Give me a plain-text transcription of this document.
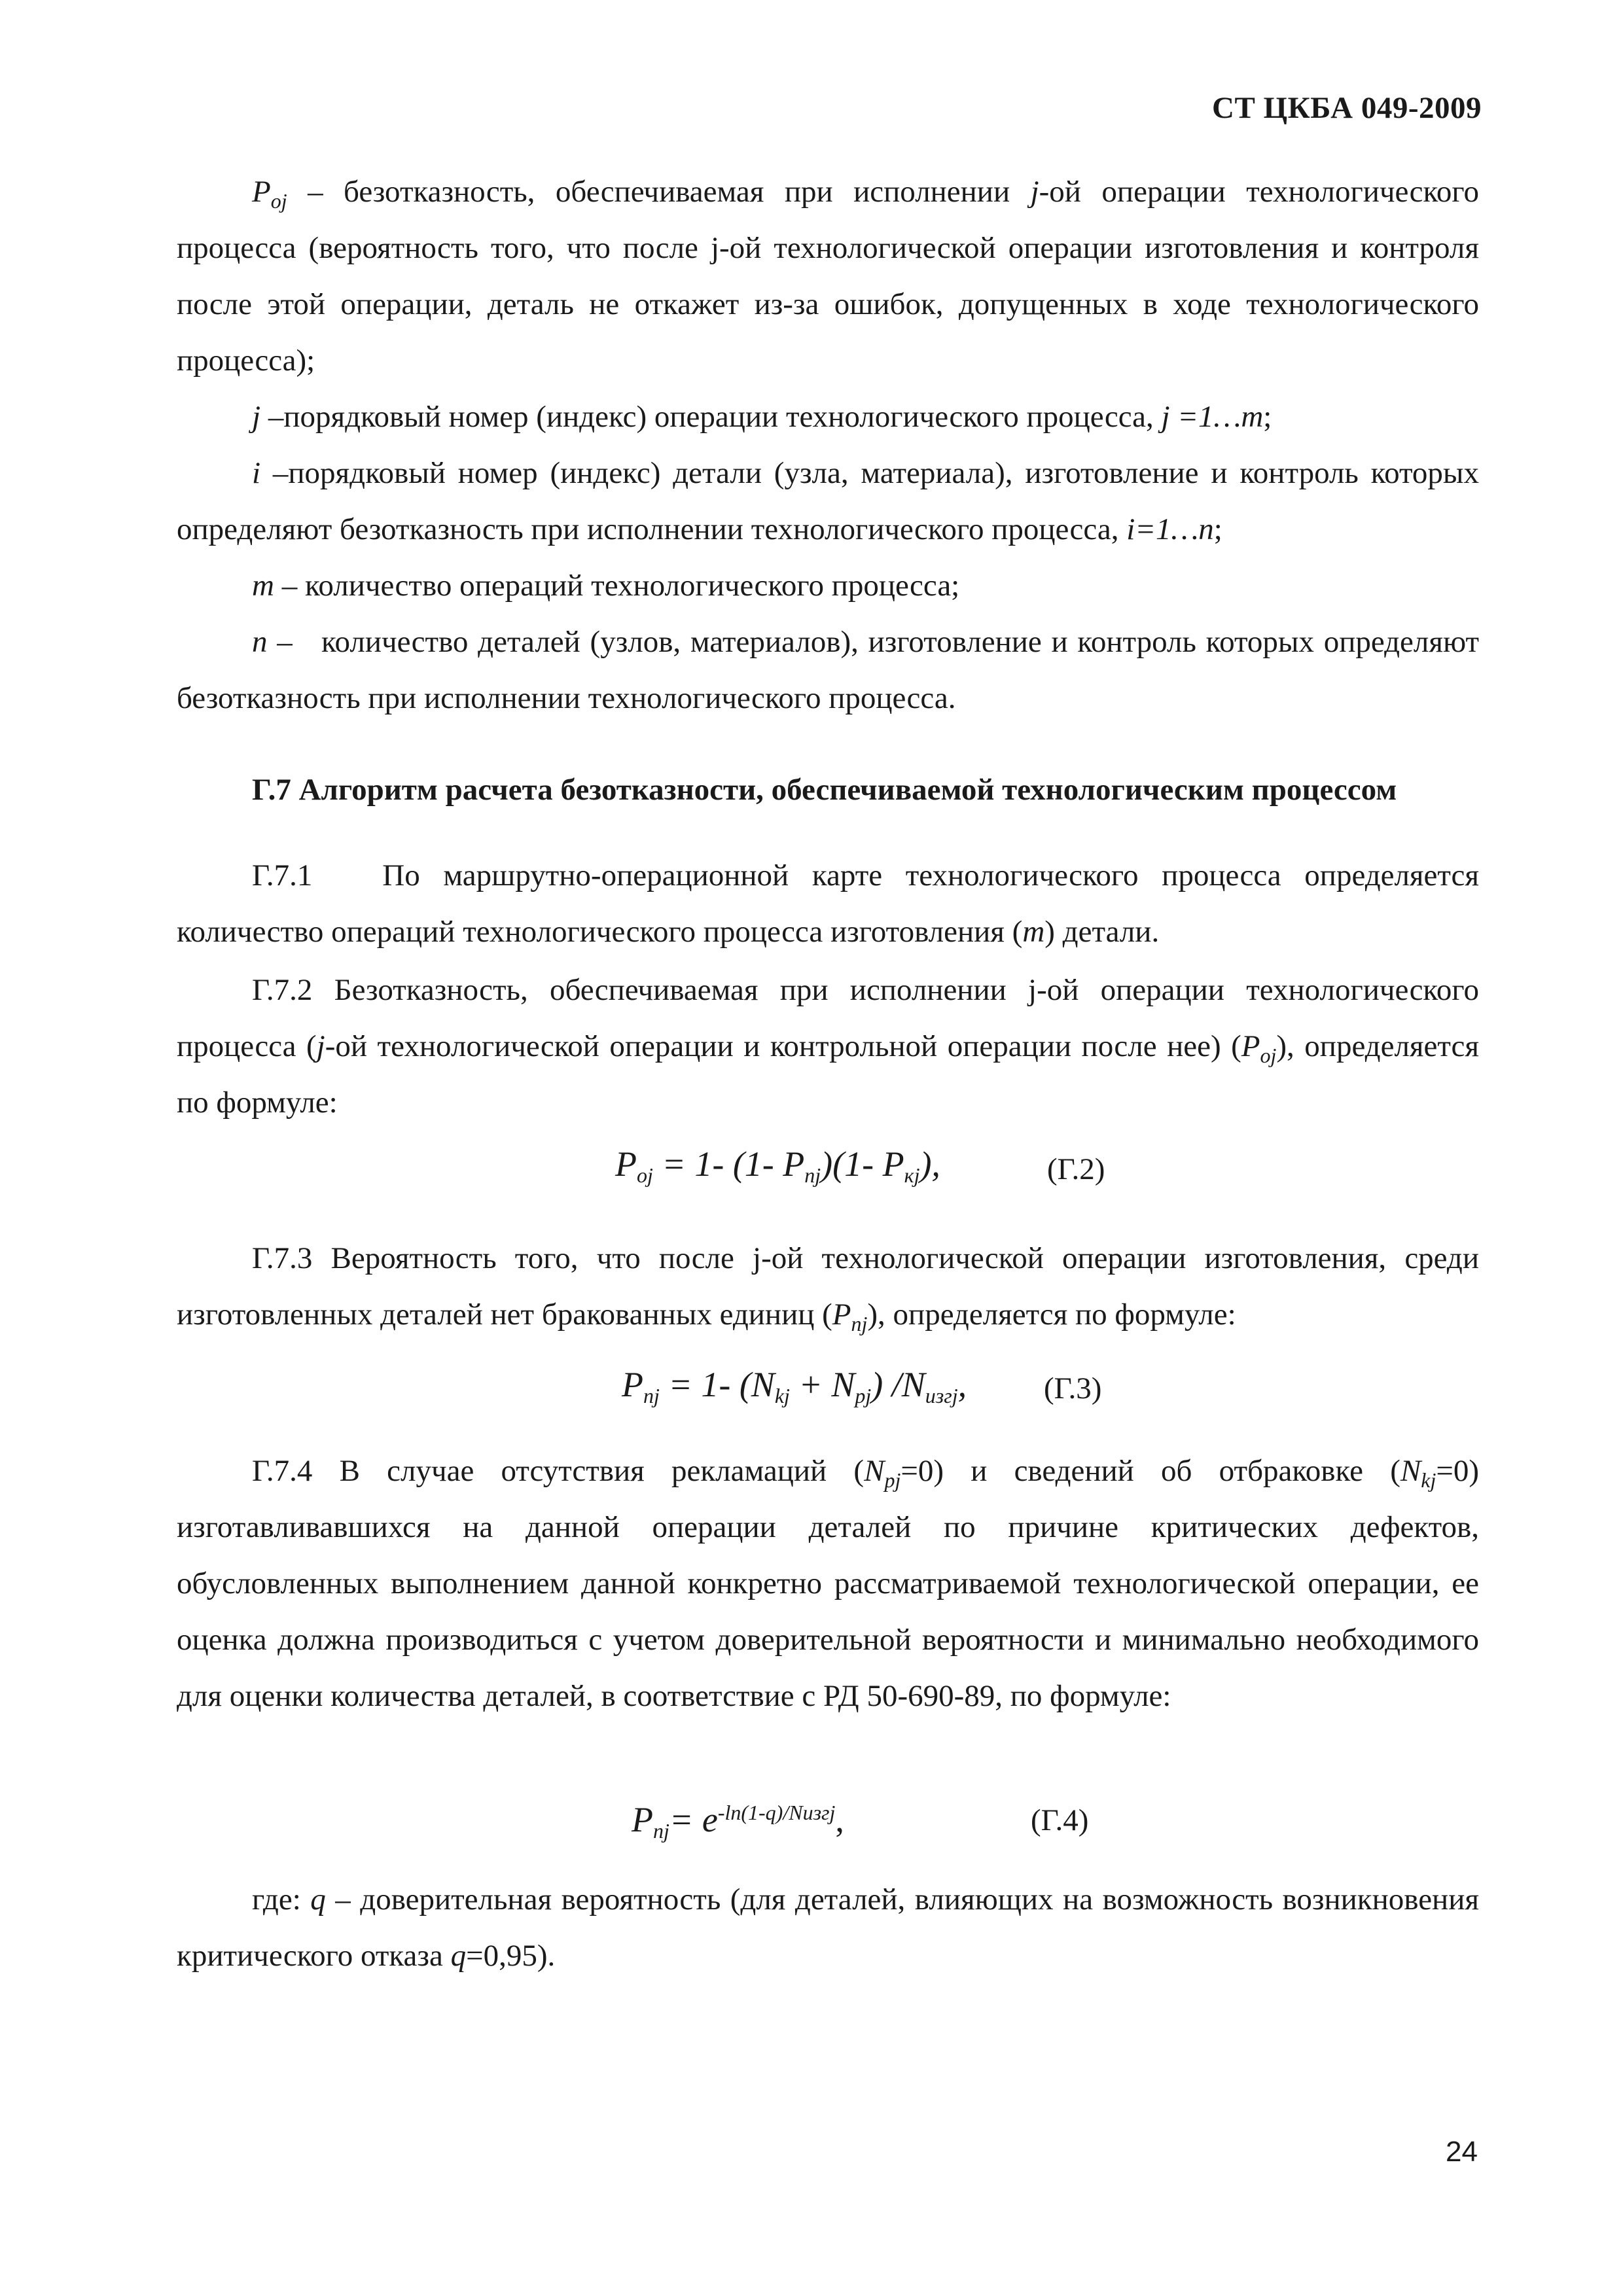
СТ ЦКБА 049-2009

$P_{oj}$ – безотказность, обеспечиваемая при исполнении j-ой операции технологического процесса (вероятность того, что после j-ой технологической операции изготовления и контроля после этой операции, деталь не откажет из-за ошибок, допущенных в ходе технологического процесса);

j –порядковый номер (индекс) операции технологического процесса, j =1…m;

i –порядковый номер (индекс) детали (узла, материала), изготовление и контроль которых определяют безотказность при исполнении технологического процесса, i=1…n;

m – количество операций технологического процесса;

n –   количество деталей (узлов, материалов), изготовление и контроль которых определяют безотказность при исполнении технологического процесса.

Г.7 Алгоритм расчета безотказности, обеспечиваемой технологическим процессом

Г.7.1 По маршрутно-операционной карте технологического процесса определяется количество операций технологического процесса изготовления (m) детали.

Г.7.2 Безотказность, обеспечиваемая при исполнении j-ой операции технологического процесса (j-ой технологической операции и контрольной операции после нее) $(P_{oj})$, определяется по формуле:

$P_{oj} = 1-$ (1- $P_{nj})(1-$ $P_{кj}$),	(Г.2)

Г.7.3 Вероятность того, что после j-ой технологической операции изготовления, среди изготовленных деталей нет бракованных единиц $(P_{nj})$, определяется по формуле:

$P_{nj} = 1-$ $(N_{kj} + N_{pj})$ $/N_{изгj}$,	(Г.3)

Г.7.4 В случае отсутствия рекламаций $(N_{pj}=0)$ и сведений об отбраковке $(N_{kj}=0)$ изготавливавшихся на данной операции деталей по причине критических дефектов, обусловленных выполнением данной конкретно рассматриваемой технологической операции, ее оценка должна производиться с учетом доверительной вероятности и минимально необходимого для оценки количества деталей, в соответствие с РД 50-690-89, по формуле:

$P_{nj}= e^{-ln(1-q)/Nизгj}$,	(Г.4)

где: q – доверительная вероятность (для деталей, влияющих на возможность возникновения критического отказа q=0,95).

24
